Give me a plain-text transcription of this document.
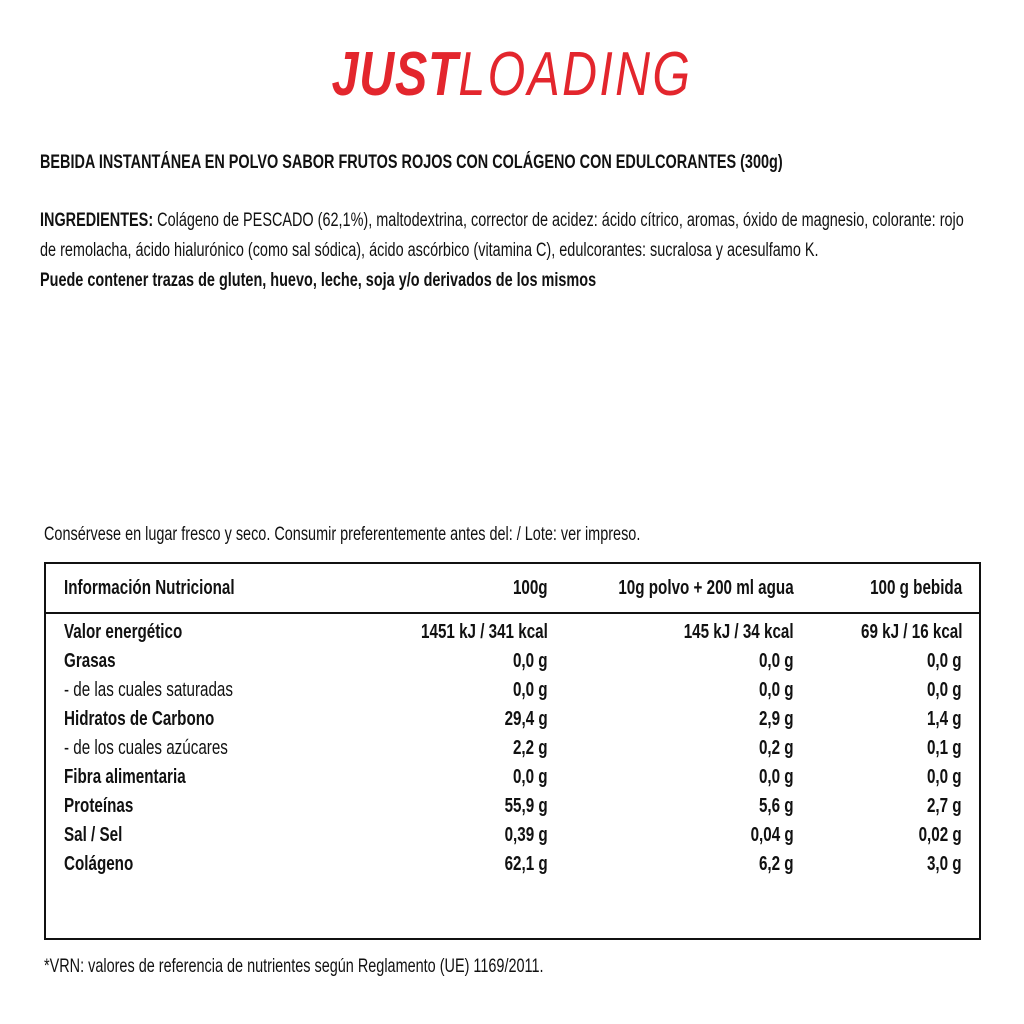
JUSTLOADING
BEBIDA INSTANTÁNEA EN POLVO SABOR FRUTOS ROJOS CON COLÁGENO CON EDULCORANTES (300g)
INGREDIENTES: Colágeno de PESCADO (62,1%), maltodextrina, corrector de acidez: ácido cítrico, aromas, óxido de magnesio, colorante: rojo de remolacha, ácido hialurónico (como sal sódica), ácido ascórbico (vitamina C), edulcorantes: sucralosa y acesulfamo K.
Puede contener trazas de gluten, huevo, leche, soja y/o derivados de los mismos
Consérvese en lugar fresco y seco. Consumir preferentemente antes del: / Lote: ver impreso.
Información Nutricional	100g	10g polvo + 200 ml agua	100 g bebida
Valor energético	1451 kJ / 341 kcal	145 kJ / 34 kcal	69 kJ / 16 kcal
Grasas	0,0 g	0,0 g	0,0 g
- de las cuales saturadas	0,0 g	0,0 g	0,0 g
Hidratos de Carbono	29,4 g	2,9 g	1,4 g
- de los cuales azúcares	2,2 g	0,2 g	0,1 g
Fibra alimentaria	0,0 g	0,0 g	0,0 g
Proteínas	55,9 g	5,6 g	2,7 g
Sal / Sel	0,39 g	0,04 g	0,02 g
Colágeno	62,1 g	6,2 g	3,0 g
*VRN: valores de referencia de nutrientes según Reglamento (UE) 1169/2011.
